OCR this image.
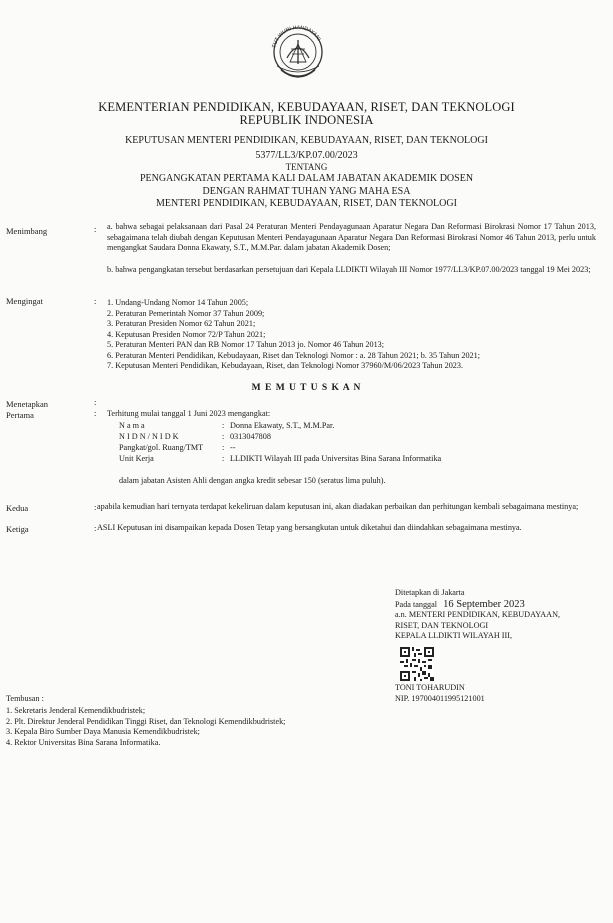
TUT WURI HANDAYANI
KEMENTERIAN PENDIDIKAN, KEBUDAYAAN, RISET, DAN TEKNOLOGI
REPUBLIK INDONESIA
KEPUTUSAN MENTERI PENDIDIKAN, KEBUDAYAAN, RISET, DAN TEKNOLOGI
5377/LL3/KP.07.00/2023
TENTANG
PENGANGKATAN PERTAMA KALI DALAM JABATAN AKADEMIK DOSEN
DENGAN RAHMAT TUHAN YANG MAHA ESA
MENTERI PENDIDIKAN, KEBUDAYAAN, RISET, DAN TEKNOLOGI
Menimbang	: a. bahwa sebagai pelaksanaan dari Pasal 24 Peraturan Menteri Pendayagunaan Aparatur Negara Dan Reformasi Birokrasi Nomor 17 Tahun 2013, sebagaimana telah diubah dengan Keputusan Menteri Pendayagunaan Aparatur Negara Dan Reformasi Birokrasi Nomor 46 Tahun 2013, perlu untuk mengangkat Saudara Donna Ekawaty, S.T., M.M.Par. dalam jabatan Akademik Dosen;
b. bahwa pengangkatan tersebut berdasarkan persetujuan dari Kepala LLDIKTI Wilayah III Nomor 1977/LL3/KP.07.00/2023 tanggal 19 Mei 2023;
Mengingat	: 1. Undang-Undang Nomor 14 Tahun 2005;
2. Peraturan Pemerintah Nomor 37 Tahun 2009;
3. Peraturan Presiden Nomor 62 Tahun 2021;
4. Keputusan Presiden Nomor 72/P Tahun 2021;
5. Peraturan Menteri PAN dan RB Nomor 17 Tahun 2013 jo. Nomor 46 Tahun 2013;
6. Peraturan Menteri Pendidikan, Kebudayaan, Riset dan Teknologi Nomor : a. 28 Tahun 2021; b. 35 Tahun 2021;
7. Keputusan Menteri Pendidikan, Kebudayaan, Riset, dan Teknologi Nomor 37960/M/06/2023 Tahun 2023.
M E M U T U S K A N
Menetapkan
Pertama
:
: Terhitung mulai tanggal 1 Juni 2023 mengangkat:
N a m a	: Donna Ekawaty, S.T., M.M.Par.
N I D N / N I D K	: 0313047808
Pangkat/gol. Ruang/TMT : --
Unit Kerja	: LLDIKTI Wilayah III pada Universitas Bina Sarana Informatika
dalam jabatan Asisten Ahli dengan angka kredit sebesar 150 (seratus lima puluh).
Kedua	: apabila kemudian hari ternyata terdapat kekeliruan dalam keputusan ini, akan diadakan perbaikan dan perhitungan kembali sebagaimana mestinya;
Ketiga	: ASLI Keputusan ini disampaikan kepada Dosen Tetap yang bersangkutan untuk diketahui dan diindahkan sebagaimana mestinya.
Ditetapkan di Jakarta
Pada tanggal 16 September 2023
a.n. MENTERI PENDIDIKAN, KEBUDAYAAN,
RISET, DAN TEKNOLOGI
KEPALA LLDIKTI WILAYAH III,
TONI TOHARUDIN
NIP. 197004011995121001
Tembusan :
1. Sekretaris Jenderal Kemendikbudristek;
2. Plt. Direktur Jenderal Pendidikan Tinggi Riset, dan Teknologi Kemendikbudristek;
3. Kepala Biro Sumber Daya Manusia Kemendikbudristek;
4. Rektor Universitas Bina Sarana Informatika.
